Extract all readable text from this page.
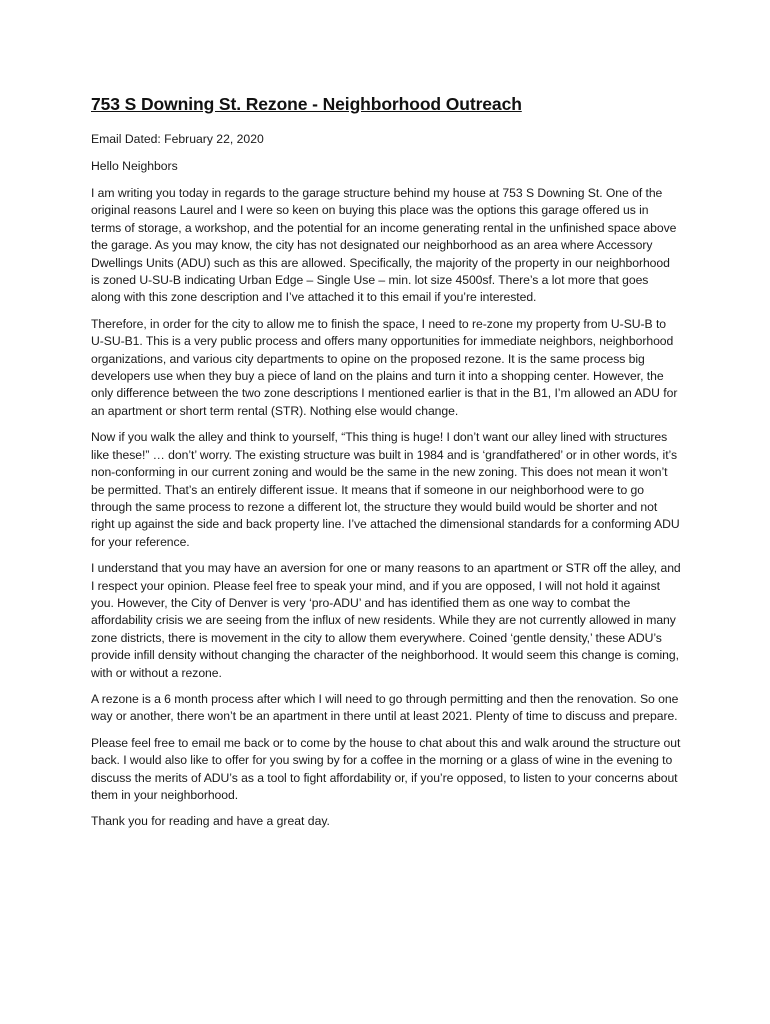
753 S Downing St. Rezone - Neighborhood Outreach

Email Dated: February 22, 2020

Hello Neighbors

I am writing you today in regards to the garage structure behind my house at 753 S Downing St. One of the original reasons Laurel and I were so keen on buying this place was the options this garage offered us in terms of storage, a workshop, and the potential for an income generating rental in the unfinished space above the garage. As you may know, the city has not designated our neighborhood as an area where Accessory Dwellings Units (ADU) such as this are allowed. Specifically, the majority of the property in our neighborhood is zoned U-SU-B indicating Urban Edge – Single Use – min. lot size 4500sf. There’s a lot more that goes along with this zone description and I’ve attached it to this email if you’re interested.

Therefore, in order for the city to allow me to finish the space, I need to re-zone my property from U-SU-B to U-SU-B1. This is a very public process and offers many opportunities for immediate neighbors, neighborhood organizations, and various city departments to opine on the proposed rezone. It is the same process big developers use when they buy a piece of land on the plains and turn it into a shopping center. However, the only difference between the two zone descriptions I mentioned earlier is that in the B1, I’m allowed an ADU for an apartment or short term rental (STR). Nothing else would change.

Now if you walk the alley and think to yourself, “This thing is huge! I don’t want our alley lined with structures like these!” … don’t’ worry. The existing structure was built in 1984 and is ‘grandfathered’ or in other words, it’s non-conforming in our current zoning and would be the same in the new zoning. This does not mean it won’t be permitted. That’s an entirely different issue. It means that if someone in our neighborhood were to go through the same process to rezone a different lot, the structure they would build would be shorter and not right up against the side and back property line. I’ve attached the dimensional standards for a conforming ADU for your reference.

I understand that you may have an aversion for one or many reasons to an apartment or STR off the alley, and I respect your opinion. Please feel free to speak your mind, and if you are opposed, I will not hold it against you. However, the City of Denver is very ‘pro-ADU’ and has identified them as one way to combat the affordability crisis we are seeing from the influx of new residents. While they are not currently allowed in many zone districts, there is movement in the city to allow them everywhere. Coined ‘gentle density,’ these ADU’s provide infill density without changing the character of the neighborhood. It would seem this change is coming, with or without a rezone.

A rezone is a 6 month process after which I will need to go through permitting and then the renovation. So one way or another, there won’t be an apartment in there until at least 2021. Plenty of time to discuss and prepare.

Please feel free to email me back or to come by the house to chat about this and walk around the structure out back. I would also like to offer for you swing by for a coffee in the morning or a glass of wine in the evening to discuss the merits of ADU’s as a tool to fight affordability or, if you’re opposed, to listen to your concerns about them in your neighborhood.

Thank you for reading and have a great day.
